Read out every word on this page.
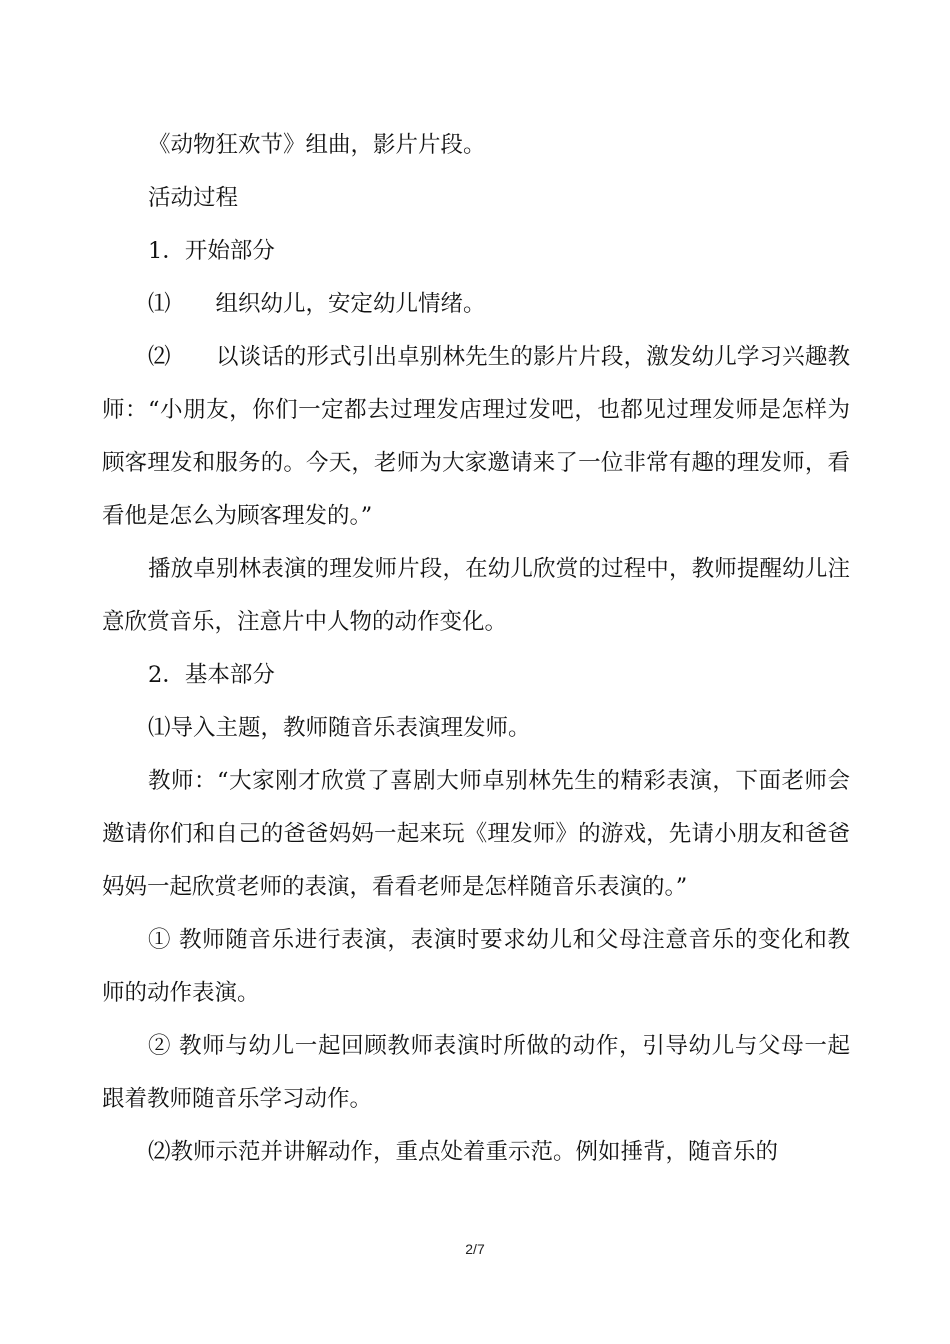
《动物狂欢节》组曲，影片片段。

活动过程

1．开始部分

⑴　　组织幼儿，安定幼儿情绪。

⑵　　以谈话的形式引出卓别林先生的影片片段，激发幼儿学习兴趣教师：“小朋友，你们一定都去过理发店理过发吧，也都见过理发师是怎样为顾客理发和服务的。今天，老师为大家邀请来了一位非常有趣的理发师，看看他是怎么为顾客理发的。”

播放卓别林表演的理发师片段，在幼儿欣赏的过程中，教师提醒幼儿注意欣赏音乐，注意片中人物的动作变化。

2．基本部分

⑴导入主题，教师随音乐表演理发师。

教师：“大家刚才欣赏了喜剧大师卓别林先生的精彩表演，下面老师会邀请你们和自己的爸爸妈妈一起来玩《理发师》的游戏，先请小朋友和爸爸妈妈一起欣赏老师的表演，看看老师是怎样随音乐表演的。”

① 教师随音乐进行表演，表演时要求幼儿和父母注意音乐的变化和教师的动作表演。

② 教师与幼儿一起回顾教师表演时所做的动作，引导幼儿与父母一起跟着教师随音乐学习动作。

⑵教师示范并讲解动作，重点处着重示范。例如捶背，随音乐的

2/7
